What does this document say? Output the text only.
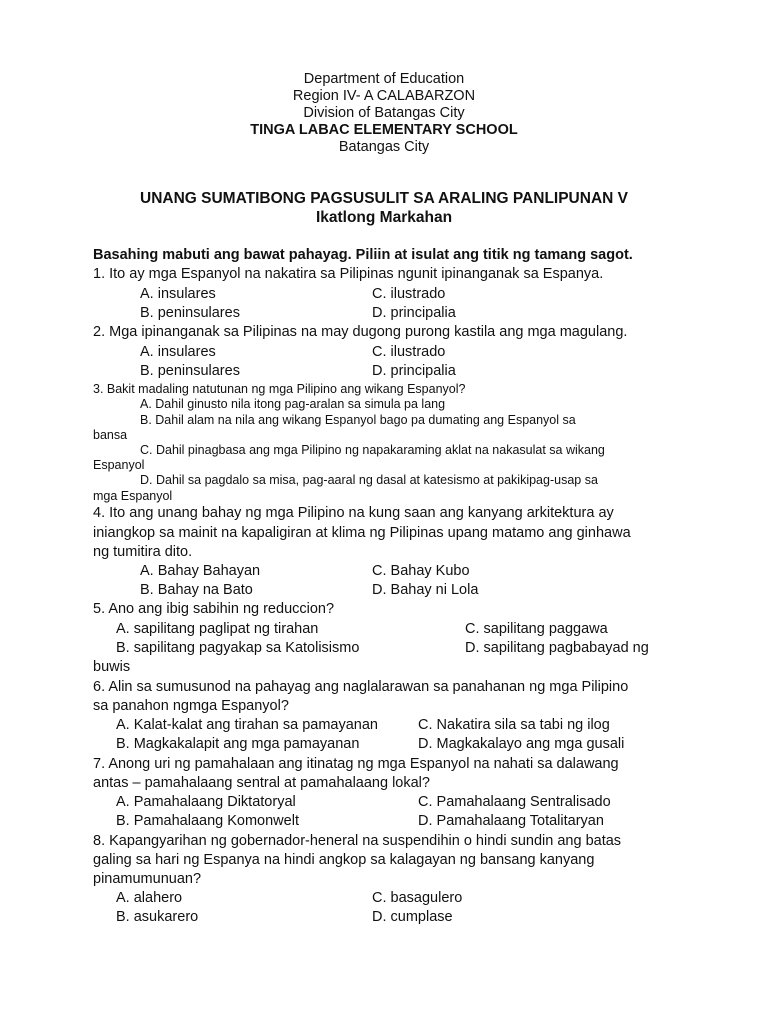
Department of Education
Region IV- A CALABARZON
Division of Batangas City
TINGA LABAC ELEMENTARY SCHOOL
Batangas City
UNANG SUMATIBONG PAGSUSULIT SA ARALING PANLIPUNAN V
Ikatlong Markahan
Basahing mabuti ang bawat pahayag. Piliin at isulat ang titik ng tamang sagot.
1. Ito ay mga Espanyol na nakatira sa Pilipinas ngunit ipinanganak sa Espanya.
A. insulares	C. ilustrado
B. peninsulares	D. principalia
2. Mga ipinanganak sa Pilipinas na may dugong purong kastila ang mga magulang.
A. insulares	C. ilustrado
B. peninsulares	D. principalia
3. Bakit madaling natutunan ng mga Pilipino ang wikang Espanyol?
A. Dahil ginusto nila itong pag-aralan sa simula pa lang
B. Dahil alam na nila ang wikang Espanyol bago pa dumating ang Espanyol sa
bansa
C. Dahil pinagbasa ang mga Pilipino ng napakaraming aklat na nakasulat sa wikang
Espanyol
D. Dahil sa pagdalo sa misa, pag-aaral ng dasal at katesismo at pakikipag-usap sa
mga Espanyol
4. Ito ang unang bahay ng mga Pilipino na kung saan ang kanyang arkitektura ay
iniangkop sa mainit na kapaligiran at klima ng Pilipinas upang matamo ang ginhawa
ng tumitira dito.
A. Bahay Bahayan	C. Bahay Kubo
B. Bahay na Bato	D. Bahay ni Lola
5. Ano ang ibig sabihin ng reduccion?
A. sapilitang paglipat ng tirahan	C. sapilitang paggawa
B. sapilitang pagyakap sa Katolisismo	D. sapilitang pagbabayad ng
buwis
6. Alin sa sumusunod na pahayag ang naglalarawan sa panahanan ng mga Pilipino
sa panahon ngmga Espanyol?
A. Kalat-kalat ang tirahan sa pamayanan	C. Nakatira sila sa tabi ng ilog
B. Magkakalapit ang mga pamayanan	D. Magkakalayo ang mga gusali
7. Anong uri ng pamahalaan ang itinatag ng mga Espanyol na nahati sa dalawang
antas – pamahalaang sentral at pamahalaang lokal?
A. Pamahalaang Diktatoryal	C. Pamahalaang Sentralisado
B. Pamahalaang Komonwelt	D. Pamahalaang Totalitaryan
8. Kapangyarihan ng gobernador-heneral na suspendihin o hindi sundin ang batas
galing sa hari ng Espanya na hindi angkop sa kalagayan ng bansang kanyang
pinamumunuan?
A. alahero	C. basagulero
B. asukarero	D. cumplase
